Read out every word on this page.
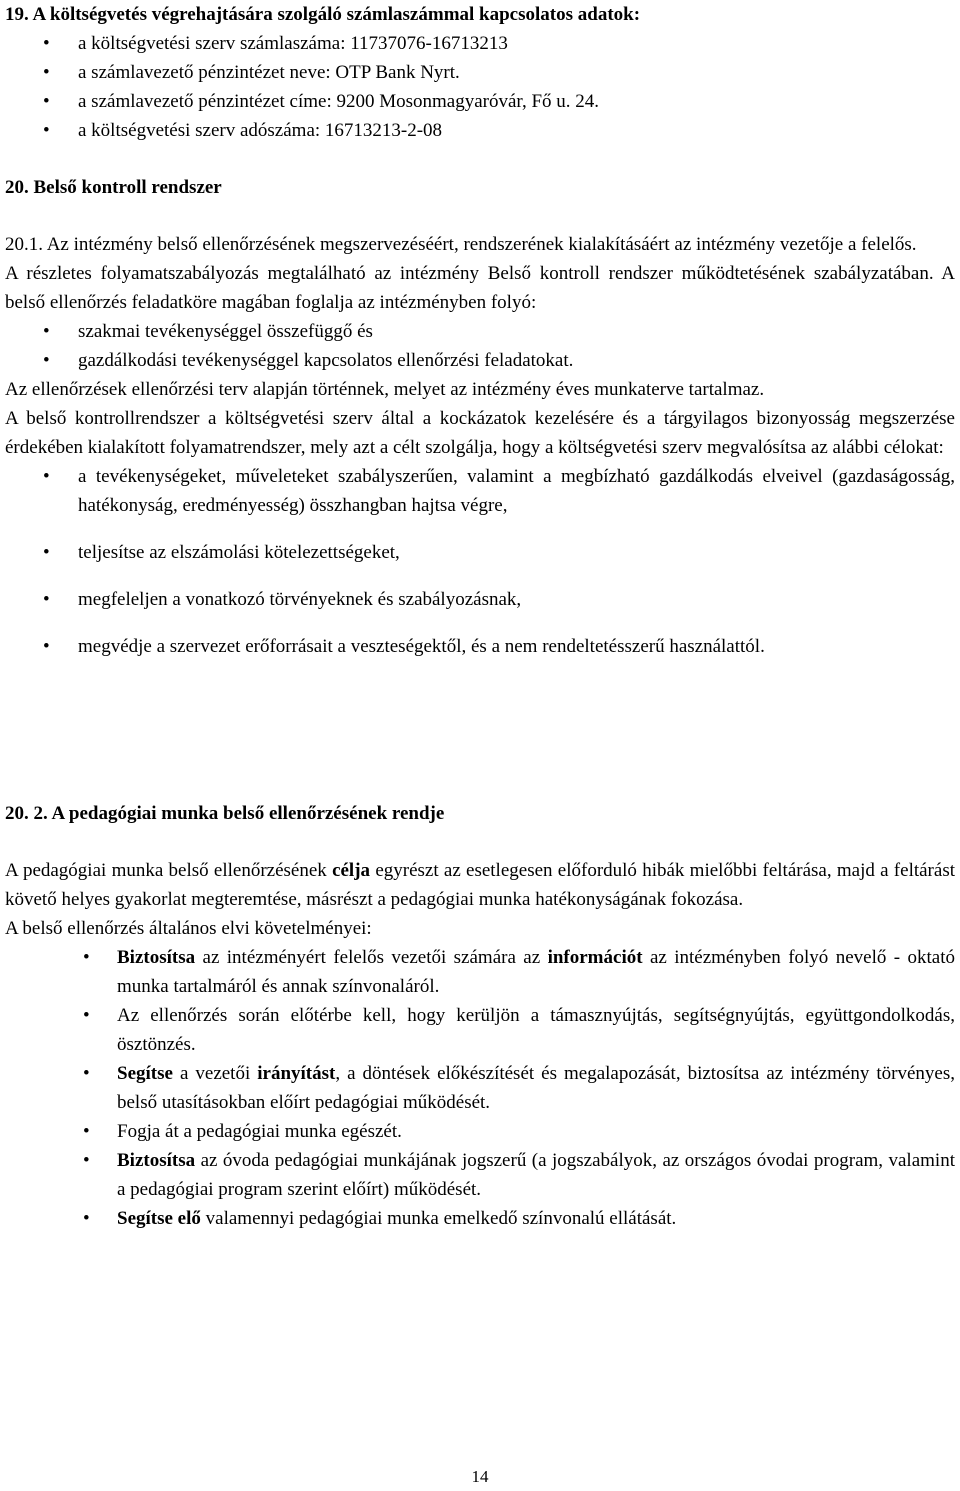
19. A költségvetés végrehajtására szolgáló számlaszámmal kapcsolatos adatok:

• a költségvetési szerv számlaszáma: 11737076-16713213
• a számlavezető pénzintézet neve: OTP Bank Nyrt.
• a számlavezető pénzintézet címe: 9200 Mosonmagyaróvár, Fő u. 24.
• a költségvetési szerv adószáma: 16713213-2-08

20. Belső kontroll rendszer

20.1. Az intézmény belső ellenőrzésének megszervezéséért, rendszerének kialakításáért az intézmény vezetője a felelős.

A részletes folyamatszabályozás megtalálható az intézmény Belső kontroll rendszer működtetésének szabályzatában. A belső ellenőrzés feladatköre magában foglalja az intézményben folyó:

• szakmai tevékenységgel összefüggő és
• gazdálkodási tevékenységgel kapcsolatos ellenőrzési feladatokat.

Az ellenőrzések ellenőrzési terv alapján történnek, melyet az intézmény éves munkaterve tartalmaz.

A belső kontrollrendszer a költségvetési szerv által a kockázatok kezelésére és a tárgyilagos bizonyosság megszerzése érdekében kialakított folyamatrendszer, mely azt a célt szolgálja, hogy a költségvetési szerv megvalósítsa az alábbi célokat:

• a tevékenységeket, műveleteket szabályszerűen, valamint a megbízható gazdálkodás elveivel (gazdaságosság, hatékonyság, eredményesség) összhangban hajtsa végre,
• teljesítse az elszámolási kötelezettségeket,
• megfeleljen a vonatkozó törvényeknek és szabályozásnak,
• megvédje a szervezet erőforrásait a veszteségektől, és a nem rendeltetésszerű használattól.

20. 2. A pedagógiai munka belső ellenőrzésének rendje

A pedagógiai munka belső ellenőrzésének célja egyrészt az esetlegesen előforduló hibák mielőbbi feltárása, majd a feltárást követő helyes gyakorlat megteremtése, másrészt a pedagógiai munka hatékonyságának fokozása.

A belső ellenőrzés általános elvi követelményei:

• Biztosítsa az intézményért felelős vezetői számára az információt az intézményben folyó nevelő - oktató munka tartalmáról és annak színvonaláról.
• Az ellenőrzés során előtérbe kell, hogy kerüljön a támasznyújtás, segítségnyújtás, együttgondolkodás, ösztönzés.
• Segítse a vezetői irányítást, a döntések előkészítését és megalapozását, biztosítsa az intézmény törvényes, belső utasításokban előírt pedagógiai működését.
• Fogja át a pedagógiai munka egészét.
• Biztosítsa az óvoda pedagógiai munkájának jogszerű (a jogszabályok, az országos óvodai program, valamint a pedagógiai program szerint előírt) működését.
• Segítse elő valamennyi pedagógiai munka emelkedő színvonalú ellátását.
14
